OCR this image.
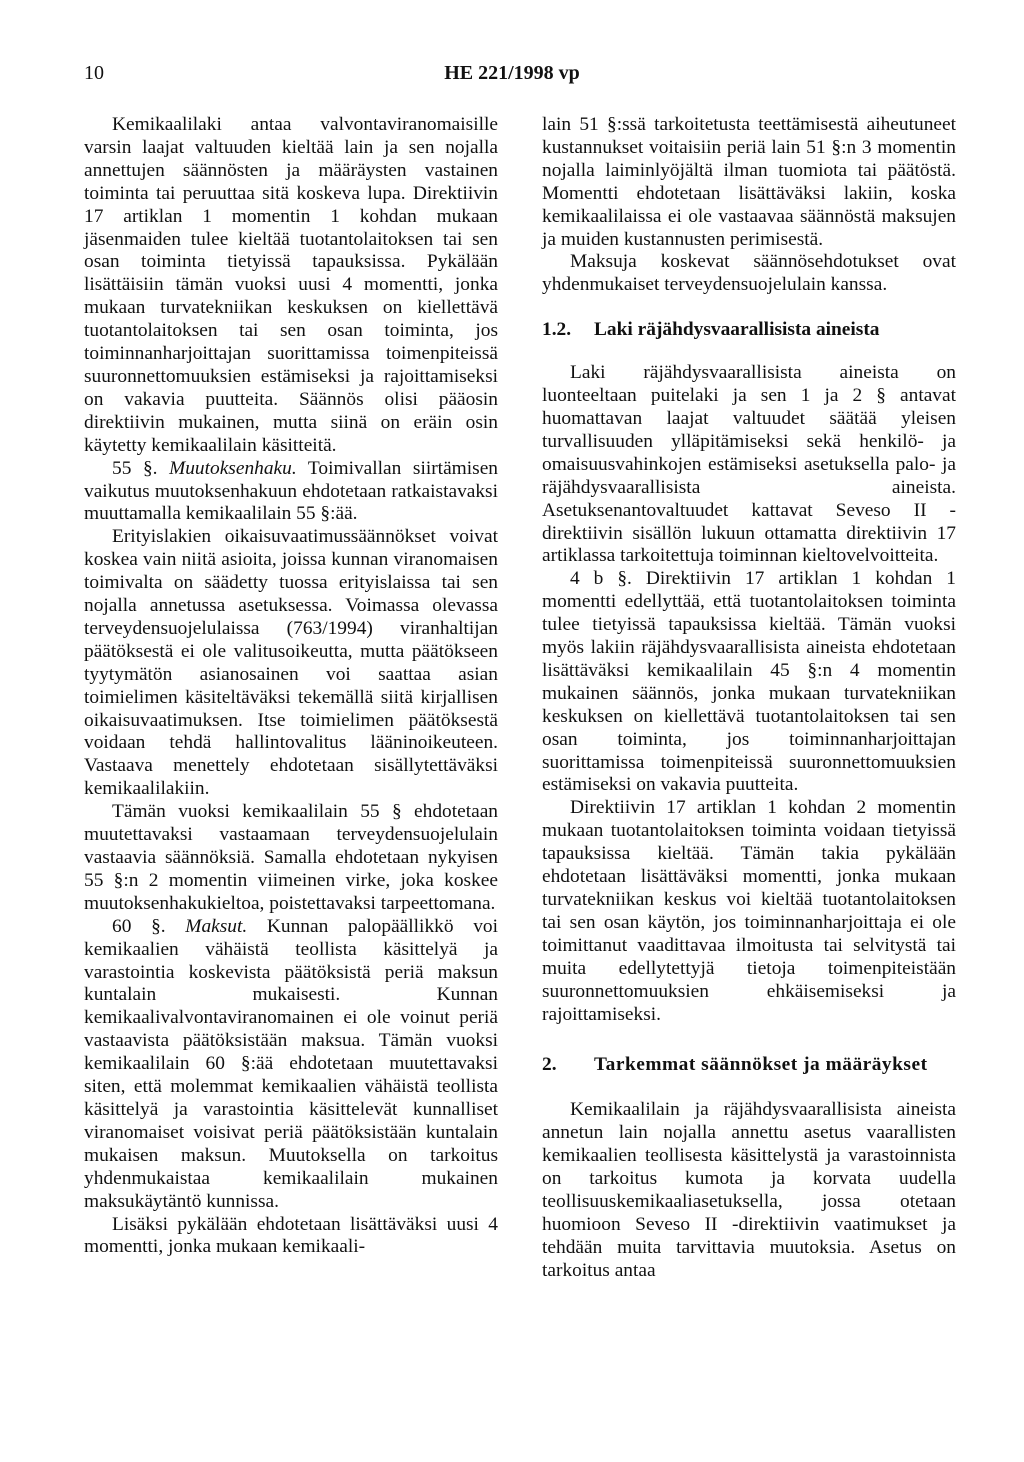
10	HE 221/1998 vp

Kemikaalilaki antaa valvontaviranomaisille varsin laajat valtuuden kieltää lain ja sen nojalla annettujen säännösten ja määräysten vastainen toiminta tai peruuttaa sitä koskeva lupa. Direktiivin 17 artiklan 1 momentin 1 kohdan mukaan jäsenmaiden tulee kieltää tuotantolaitoksen tai sen osan toiminta tietyissä tapauksissa. Pykälään lisättäisiin tämän vuoksi uusi 4 momentti, jonka mukaan turvatekniikan keskuksen on kiellettävä tuotantolaitoksen tai sen osan toiminta, jos toiminnanharjoittajan suorittamissa toimenpiteissä suuronnettomuuksien estämiseksi ja rajoittamiseksi on vakavia puutteita. Säännös olisi pääosin direktiivin mukainen, mutta siinä on eräin osin käytetty kemikaalilain käsitteitä.

55 §. Muutoksenhaku. Toimivallan siirtämisen vaikutus muutoksenhakuun ehdotetaan ratkaistavaksi muuttamalla kemikaalilain 55 §:ää.

Erityislakien oikaisuvaatimussäännökset voivat koskea vain niitä asioita, joissa kunnan viranomaisen toimivalta on säädetty tuossa erityislaissa tai sen nojalla annetussa asetuksessa. Voimassa olevassa terveydensuojelulaissa (763/1994) viranhaltijan päätöksestä ei ole valitusoikeutta, mutta päätökseen tyytymätön asianosainen voi saattaa asian toimielimen käsiteltäväksi tekemällä siitä kirjallisen oikaisuvaatimuksen. Itse toimielimen päätöksestä voidaan tehdä hallintovalitus lääninoikeuteen. Vastaava menettely ehdotetaan sisällytettäväksi kemikaalilakiin.

Tämän vuoksi kemikaalilain 55 § ehdotetaan muutettavaksi vastaamaan terveydensuojelulain vastaavia säännöksiä. Samalla ehdotetaan nykyisen 55 §:n 2 momentin viimeinen virke, joka koskee muutoksenhakukieltoa, poistettavaksi tarpeettomana.

60 §. Maksut. Kunnan palopäällikkö voi kemikaalien vähäistä teollista käsittelyä ja varastointia koskevista päätöksistä periä maksun kuntalain mukaisesti. Kunnan kemikaalivalvontaviranomainen ei ole voinut periä vastaavista päätöksistään maksua. Tämän vuoksi kemikaalilain 60 §:ää ehdotetaan muutettavaksi siten, että molemmat kemikaalien vähäistä teollista käsittelyä ja varastointia käsittelevät kunnalliset viranomaiset voisivat periä päätöksistään kuntalain mukaisen maksun. Muutoksella on tarkoitus yhdenmukaistaa kemikaalilain mukainen maksukäytäntö kunnissa.

Lisäksi pykälään ehdotetaan lisättäväksi uusi 4 momentti, jonka mukaan kemikaali-

lain 51 §:ssä tarkoitetusta teettämisestä aiheutuneet kustannukset voitaisiin periä lain 51 §:n 3 momentin nojalla laiminlyöjältä ilman tuomiota tai päätöstä. Momentti ehdotetaan lisättäväksi lakiin, koska kemikaalilaissa ei ole vastaavaa säännöstä maksujen ja muiden kustannusten perimisestä.

Maksuja koskevat säännösehdotukset ovat yhdenmukaiset terveydensuojelulain kanssa.

1.2.	Laki räjähdysvaarallisista aineista

Laki räjähdysvaarallisista aineista on luonteeltaan puitelaki ja sen 1 ja 2 § antavat huomattavan laajat valtuudet säätää yleisen turvallisuuden ylläpitämiseksi sekä henkilö- ja omaisuusvahinkojen estämiseksi asetuksella palo- ja räjähdysvaarallisista aineista. Asetuksenantovaltuudet kattavat Seveso II -direktiivin sisällön lukuun ottamatta direktiivin 17 artiklassa tarkoitettuja toiminnan kieltovelvoitteita.

4 b §. Direktiivin 17 artiklan 1 kohdan 1 momentti edellyttää, että tuotantolaitoksen toiminta tulee tietyissä tapauksissa kieltää. Tämän vuoksi myös lakiin räjähdysvaarallisista aineista ehdotetaan lisättäväksi kemikaalilain 45 §:n 4 momentin mukainen säännös, jonka mukaan turvatekniikan keskuksen on kiellettävä tuotantolaitoksen tai sen osan toiminta, jos toiminnanharjoittajan suorittamissa toimenpiteissä suuronnettomuuksien estämiseksi on vakavia puutteita.

Direktiivin 17 artiklan 1 kohdan 2 momentin mukaan tuotantolaitoksen toiminta voidaan tietyissä tapauksissa kieltää. Tämän takia pykälään ehdotetaan lisättäväksi momentti, jonka mukaan turvatekniikan keskus voi kieltää tuotantolaitoksen tai sen osan käytön, jos toiminnanharjoittaja ei ole toimittanut vaadittavaa ilmoitusta tai selvitystä tai muita edellytettyjä tietoja toimenpiteistään suuronnettomuuksien ehkäisemiseksi ja rajoittamiseksi.

2.	Tarkemmat säännökset ja määräykset

Kemikaalilain ja räjähdysvaarallisista aineista annetun lain nojalla annettu asetus vaarallisten kemikaalien teollisesta käsittelystä ja varastoinnista on tarkoitus kumota ja korvata uudella teollisuuskemikaaliasetuksella, jossa otetaan huomioon Seveso II -direktiivin vaatimukset ja tehdään muita tarvittavia muutoksia. Asetus on tarkoitus antaa
